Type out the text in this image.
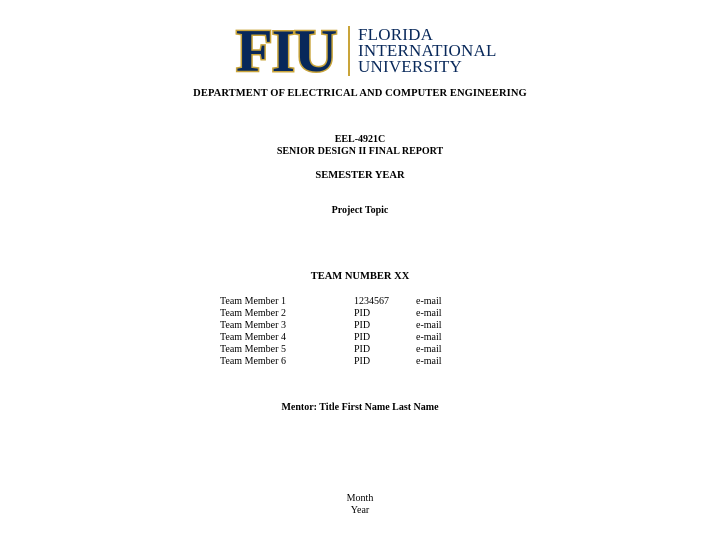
FIU FLORIDA
INTERNATIONAL
UNIVERSITY
DEPARTMENT OF ELECTRICAL AND COMPUTER ENGINEERING
EEL-4921C
SENIOR DESIGN II FINAL REPORT
SEMESTER YEAR
Project Topic
TEAM NUMBER XX
Team Member 1	1234567	e-mail
Team Member 2	PID	e-mail
Team Member 3	PID	e-mail
Team Member 4	PID	e-mail
Team Member 5	PID	e-mail
Team Member 6	PID	e-mail
Mentor: Title First Name Last Name
Month
Year
